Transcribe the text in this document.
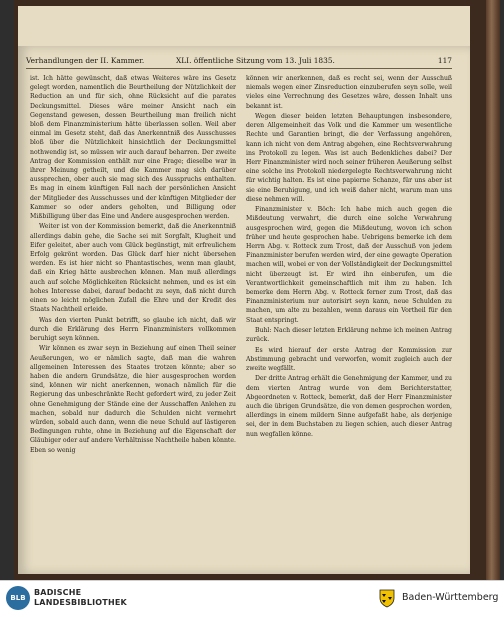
Verhandlungen der II. Kammer.	XLI. öffentliche Sitzung vom 13. Juli 1835.	117

ist. Ich hätte gewünscht, daß etwas Weiteres wäre ins Gesetz gelegt worden, namentlich die Beurtheilung der Nützlichkeit der Reduction an und für sich, ohne Rücksicht auf die parates Deckungsmittel. Dieses wäre meiner Ansicht nach ein Gegenstand gewesen, dessen Beurtheilung man freilich nicht bloß dem Finanzministerium hätte überlassen sollen. Weil aber einmal im Gesetz steht, daß das Anerkenntniß des Ausschusses bloß über die Nützlichkeit hinsichtlich der Deckungsmittel nothwendig ist, so müssen wir auch darauf beharren. Der zweite Antrag der Kommission enthält nur eine Frage; dieselbe war in ihrer Meinung getheilt, und die Kammer mag sich darüber aussprechen, ober auch sie mag sich des Ausspruchs enthalten. Es mag in einem künftigen Fall nach der persönlichen Ansicht der Mitglieder des Ausschusses und der künftigen Mitglieder der Kammer so oder anders geholten, und Billigung oder Mißbilligung über das Eine und Andere ausgesprochen werden.

Weiter ist von der Kommission bemerkt, daß die Anerkenntniß allerdings dabin gehe, die Sache sei mit Sorgfalt, Klugheit und Eifer geleitet, aber auch vom Glück begünstigt, mit erfreulichem Erfolg gekrönt worden. Das Glück darf hier nicht übersehen werden. Es ist hier nicht so Phantastisches, wenn man glaubt, daß ein Krieg hätte ausbrechen können. Man muß allerdings auch auf solche Möglichkeiten Rücksicht nehmen, und es ist ein hohes Interesse dabei, darauf bedacht zu seyn, daß nicht durch einen so leicht möglichen Zufall die Ehre und der Kredit des Staats Nachtheil erleide.

Was den vierten Punkt betrifft, so glaube ich nicht, daß wir durch die Erklärung des Herrn Finanzministers vollkommen beruhigt seyn können.

Wir können es zwar seyn in Beziehung auf einen Theil seiner Aeußerungen, wo er nämlich sagte, daß man die wahren allgemeinen Interessen des Staates trotzen könnte; aber so haben die andern Grundsätze, die hier ausgesprochen worden sind, können wir nicht anerkennen, wonach nämlich für die Regierung das unbeschränkte Recht gefordert wird, zu jeder Zeit ohne Genehmigung der Stände eine der Ausschaffen Anlehen zu machen, sobald nur dadurch die Schulden nicht vermehrt würden, sobald auch dann, wenn die neue Schuld auf lästigeren Bedingungen ruhte, ohne in Beziehung auf die Eigenschaft der Gläubiger oder auf andere Verhältnisse Nachtheile haben könnte. Eben so wenig

können wir anerkennen, daß es recht sei, wenn der Ausschuß niemals wegen einer Zinsreduction einzuberufen seyn solle, weil vieles eine Verrechnung des Gesetzes wäre, dessen Inhalt uns bekannt ist.

Wegen dieser beiden letzten Behauptungen insbesondere, deren Allgemeinheit das Volk und die Kammer um wesentliche Rechte und Garantien bringt, die der Verfassung angehören, kann ich nicht von dem Antrag abgehen, eine Rechtsverwahrung ins Protokoll zu legen. Was ist auch Bedenkliches dabei? Der Herr Finanzminister wird noch seiner früheren Aeußerung selbst eine solche ins Protokoll niedergelegte Rechtsverwahrung nicht für wichtig halten. Es ist eine papierne Schanze, für uns aber ist sie eine Beruhigung, und ich weiß daher nicht, warum man uns diese nehmen will.

Finanzminister v. Böch: Ich habe mich auch gegen die Mißdeutung verwahrt, die durch eine solche Verwahrung ausgesprochen wird, gegen die Mißdeutung, wovon ich schon früher und heute gesprochen habe. Uebrigens bemerke ich dem Herrn Abg. v. Rotteck zum Trost, daß der Ausschuß von jedem Finanzminister berufen werden wird, der eine gewagte Operation machen will, wobei er von der Vollständigkeit der Deckungsmittel nicht überzeugt ist. Er wird ihn einberufen, um die Verantwortlichkeit gemeinschaftlich mit ihm zu haben. Ich bemerke dem Herrn Abg. v. Rotteck ferner zum Trost, daß das Finanzministerium nur autorisirt seyn kann, neue Schulden zu machen, um alte zu bezahlen, wenn daraus ein Vortheil für den Staat entspringt.

Buhl: Nach dieser letzten Erklärung nehme ich meinen Antrag zurück.

Es wird hierauf der erste Antrag der Kommission zur Abstimmung gebracht und verworfen, womit zugleich auch der zweite wegfällt.

Der dritte Antrag erhält die Genehmigung der Kammer, und zu dem vierten Antrag wurde von dem Berichterstatter, Abgeordneten v. Rotteck, bemerkt, daß der Herr Finanzminister auch die übrigen Grundsätze, die von demen gesprochen worden, allerdings in einem mildern Sinne aufgefaßt habe, als derjenige sei, der in dem Buchstaben zu liegen schien, auch dieser Antrag nun wegfallen könne.

BLB
BADISCHE
LANDESBIBLIOTHEK	Baden-Württemberg
